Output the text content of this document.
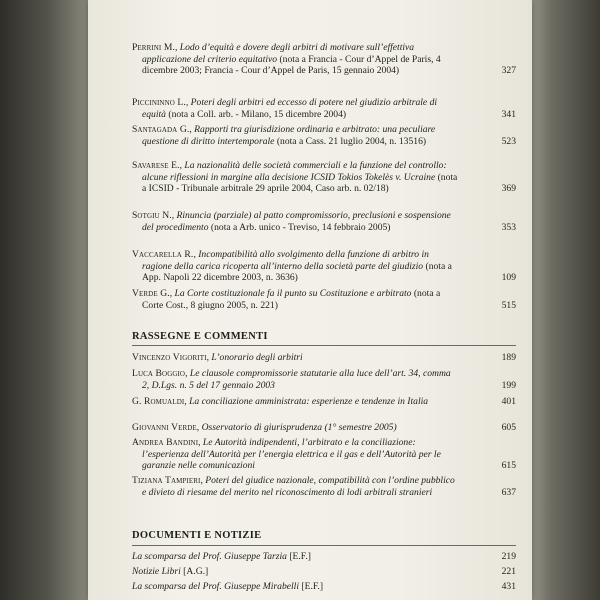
Perrini M., Lodo d’equità e dovere degli arbitri di motivare sull’effettiva applicazione del criterio equitativo (nota a Francia - Cour d’Appel de Paris, 4 dicembre 2003; Francia - Cour d’Appel de Paris, 15 gennaio 2004)	327
Piccininno L., Poteri degli arbitri ed eccesso di potere nel giudizio arbitrale di equità (nota a Coll. arb. - Milano, 15 dicembre 2004)	341
Santagada G., Rapporti tra giurisdizione ordinaria e arbitrato: una peculiare questione di diritto intertemporale (nota a Cass. 21 luglio 2004, n. 13516)	523
Savarese E., La nazionalità delle società commerciali e la funzione del controllo: alcune riflessioni in margine alla decisione ICSID Tokios Tokelès v. Ucraine (nota a ICSID - Tribunale arbitrale 29 aprile 2004, Caso arb. n. 02/18)	369
Sotgiu N., Rinuncia (parziale) al patto compromissorio, preclusioni e sospensione del procedimento (nota a Arb. unico - Treviso, 14 febbraio 2005)	353
Vaccarella R., Incompatibilità allo svolgimento della funzione di arbitro in ragione della carica ricoperta all’interno della società parte del giudizio (nota a App. Napoli 22 dicembre 2003, n. 3636)	109
Verde G., La Corte costituzionale fa il punto su Costituzione e arbitrato (nota a Corte Cost., 8 giugno 2005, n. 221)	515
RASSEGNE E COMMENTI
Vincenzo Vigoriti, L’onorario degli arbitri	189
Luca Boggio, Le clausole compromissorie statutarie alla luce dell’art. 34, comma 2, D.Lgs. n. 5 del 17 gennaio 2003	199
G. Romualdi, La conciliazione amministrata: esperienze e tendenze in Italia	401
Giovanni Verde, Osservatorio di giurisprudenza (1° semestre 2005)	605
Andrea Bandini, Le Autorità indipendenti, l’arbitrato e la conciliazione: l’esperienza dell’Autorità per l’energia elettrica e il gas e dell’Autorità per le garanzie nelle comunicazioni	615
Tiziana Tampieri, Poteri del giudice nazionale, compatibilità con l’ordine pubblico e divieto di riesame del merito nel riconoscimento di lodi arbitrali stranieri	637
DOCUMENTI E NOTIZIE
La scomparsa del Prof. Giuseppe Tarzia [E.F.]	219
Notizie Libri [A.G.]	221
La scomparsa del Prof. Giuseppe Mirabelli [E.F.]	431
